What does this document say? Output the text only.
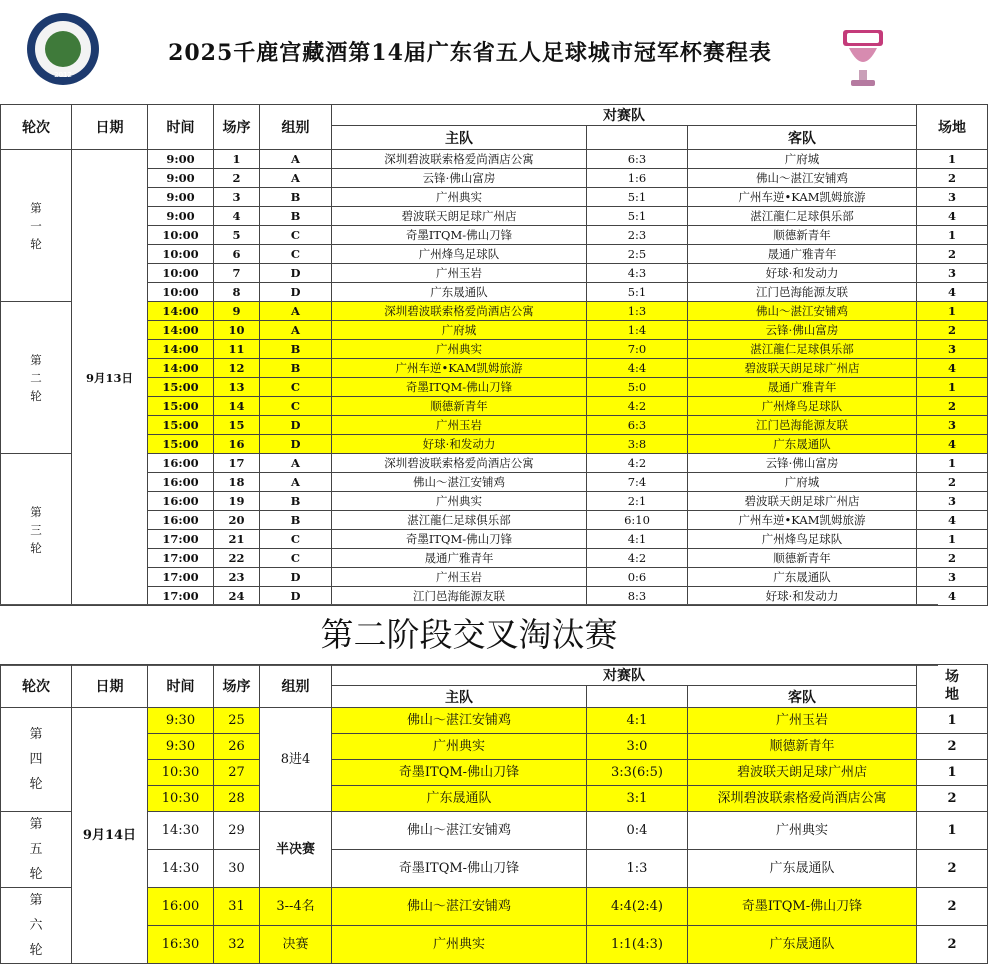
2012
2025千鹿宫藏酒第14届广东省五人足球城市冠军杯赛程表
轮次	日期	时间	场序	组别	对赛队			场地
					主队		客队	
第
一
轮	9月13日	9:00	1	A	深圳碧波联索格爱尚酒店公寓	6:3	广府城	1
		9:00	2	A	云锋·佛山富房	1:6	佛山～湛江安铺鸡	2
		9:00	3	B	广州典实	5:1	广州车逆•KAM凯姆旅游	3
		9:00	4	B	碧波联天朗足球广州店	5:1	湛江龍仁足球俱乐部	4
		10:00	5	C	奇墨ITQM-佛山刀锋	2:3	顺德新青年	1
		10:00	6	C	广州烽鸟足球队	2:5	晟通广雅青年	2
		10:00	7	D	广州玉岩	4:3	好球·和发动力	3
		10:00	8	D	广东晟通队	5:1	江门邑海能源友联	4
第
二
轮		14:00	9	A	深圳碧波联索格爱尚酒店公寓	1:3	佛山～湛江安铺鸡	1
		14:00	10	A	广府城	1:4	云锋·佛山富房	2
		14:00	11	B	广州典实	7:0	湛江龍仁足球俱乐部	3
		14:00	12	B	广州车逆•KAM凯姆旅游	4:4	碧波联天朗足球广州店	4
		15:00	13	C	奇墨ITQM-佛山刀锋	5:0	晟通广雅青年	1
		15:00	14	C	顺德新青年	4:2	广州烽鸟足球队	2
		15:00	15	D	广州玉岩	6:3	江门邑海能源友联	3
		15:00	16	D	好球·和发动力	3:8	广东晟通队	4
第
三
轮		16:00	17	A	深圳碧波联索格爱尚酒店公寓	4:2	云锋·佛山富房	1
		16:00	18	A	佛山～湛江安铺鸡	7:4	广府城	2
		16:00	19	B	广州典实	2:1	碧波联天朗足球广州店	3
		16:00	20	B	湛江龍仁足球俱乐部	6:10	广州车逆•KAM凯姆旅游	4
		17:00	21	C	奇墨ITQM-佛山刀锋	4:1	广州烽鸟足球队	1
		17:00	22	C	晟通广雅青年	4:2	顺德新青年	2
		17:00	23	D	广州玉岩	0:6	广东晟通队	3
		17:00	24	D	江门邑海能源友联	8:3	好球·和发动力	4
第二阶段交叉淘汰赛
轮次	日期	时间	场序	组别	对赛队			场
地
					主队		客队	
第
四
轮	9月14日	9:30	25	8进4	佛山～湛江安铺鸡	4:1	广州玉岩	1
		9:30	26		广州典实	3:0	顺德新青年	2
		10:30	27		奇墨ITQM-佛山刀锋	3:3(6:5)	碧波联天朗足球广州店	1
		10:30	28		广东晟通队	3:1	深圳碧波联索格爱尚酒店公寓	2
第
五
轮		14:30	29	半决赛	佛山～湛江安铺鸡	0:4	广州典实	1
		14:30	30		奇墨ITQM-佛山刀锋	1:3	广东晟通队	2
第
六
轮		16:00	31	3--4名	佛山～湛江安铺鸡	4:4(2:4)	奇墨ITQM-佛山刀锋	2
		16:30	32	决赛	广州典实	1:1(4:3)	广东晟通队	2
